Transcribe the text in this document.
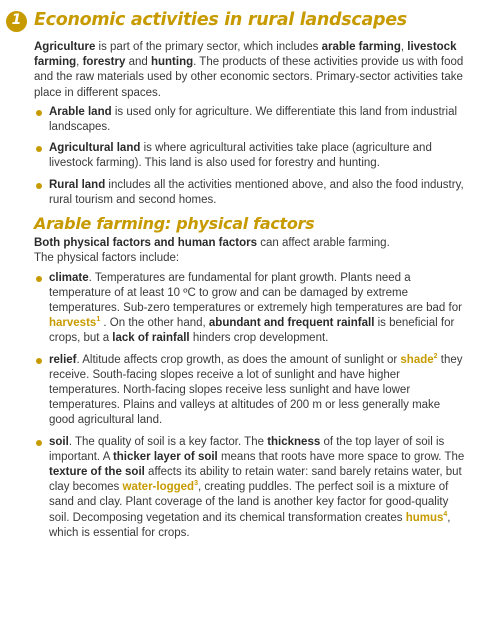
1 Economic activities in rural landscapes

Agriculture is part of the primary sector, which includes arable farming, livestock farming, forestry and hunting. The products of these activities provide us with food and the raw materials used by other economic sectors. Primary-sector activities take place in different spaces.

Arable land is used only for agriculture. We differentiate this land from industrial landscapes.
Agricultural land is where agricultural activities take place (agriculture and livestock farming). This land is also used for forestry and hunting.
Rural land includes all the activities mentioned above, and also the food industry, rural tourism and second homes.
Arable farming: physical factors

Both physical factors and human factors can affect arable farming.
The physical factors include:

climate. Temperatures are fundamental for plant growth. Plants need a temperature of at least 10 ºC to grow and can be damaged by extreme temperatures. Sub-zero temperatures or extremely high temperatures are bad for harvests$^1$ . On the other hand, abundant and frequent rainfall is beneficial for crops, but a lack of rainfall hinders crop development.
relief. Altitude affects crop growth, as does the amount of sunlight or shade$^2$ they receive. South-facing slopes receive a lot of sunlight and have higher temperatures. North-facing slopes receive less sunlight and have lower temperatures. Plains and valleys at altitudes of 200 m or less generally make good agricultural land.
soil. The quality of soil is a key factor. The thickness of the top layer of soil is important. A thicker layer of soil means that roots have more space to grow. The texture of the soil affects its ability to retain water: sand barely retains water, but clay becomes water-logged$^3$, creating puddles. The perfect soil is a mixture of sand and clay. Plant coverage of the land is another key factor for good-quality soil. Decomposing vegetation and its chemical transformation creates humus$^4$, which is essential for crops.
